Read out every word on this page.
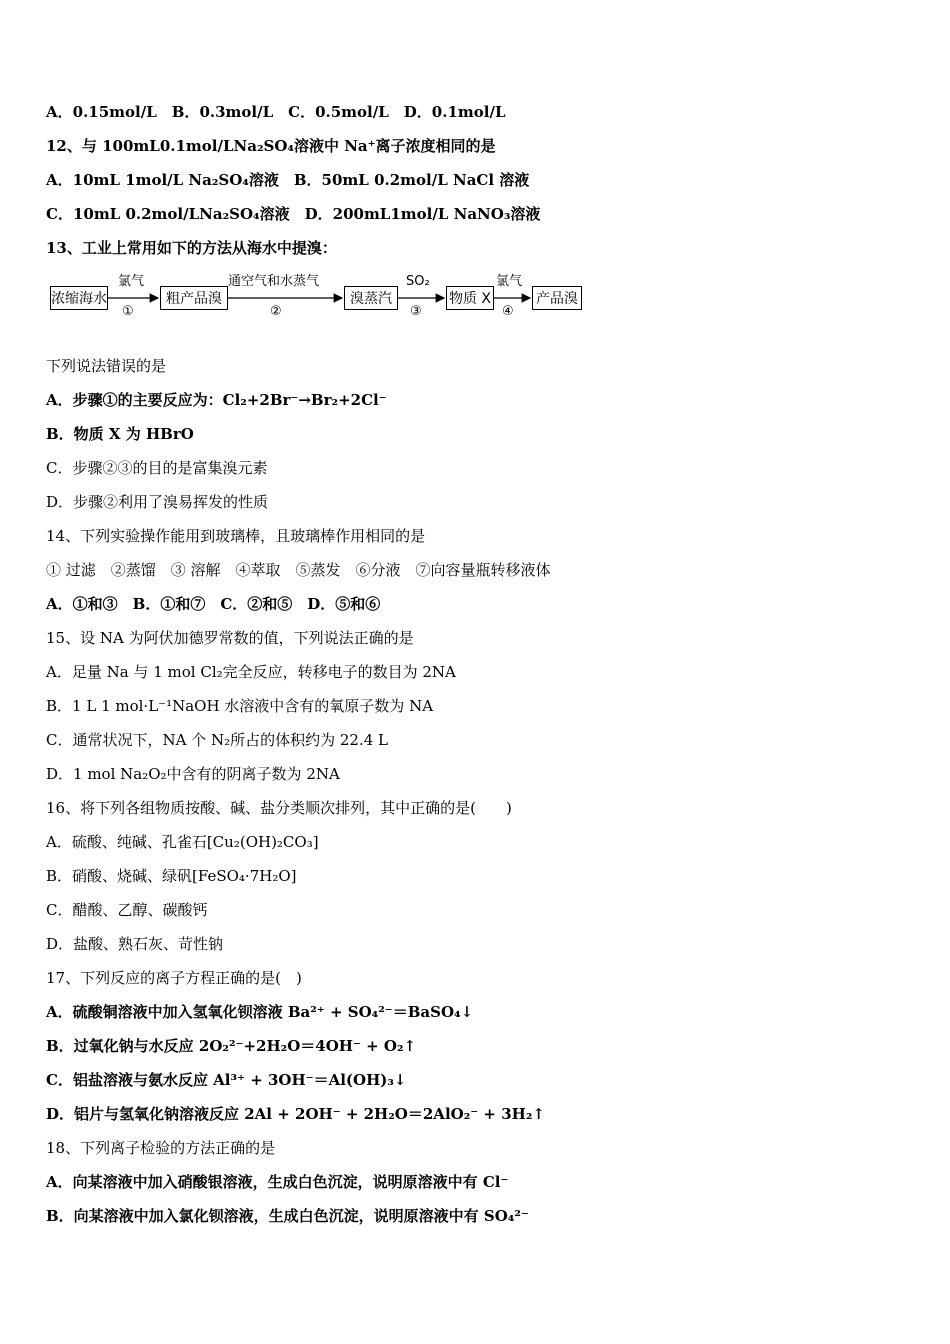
A．0.15mol/L　B．0.3mol/L　C．0.5mol/L　D．0.1mol/L
12、与 100mL0.1mol/LNa₂SO₄溶液中 Na⁺离子浓度相同的是
A．10mL 1mol/L Na₂SO₄溶液　B．50mL 0.2mol/L NaCl 溶液
C．10mL 0.2mol/LNa₂SO₄溶液　D．200mL1mol/L NaNO₃溶液
13、工业上常用如下的方法从海水中提溴：
浓缩海水	粗产品溴	溴蒸汽	物质 X	产品溴
氯气	通空气和水蒸气	SO₂	氯气
①	②	③	④
下列说法错误的是
A．步骤①的主要反应为：Cl₂+2Br⁻→Br₂+2Cl⁻
B．物质 X 为 HBrO
C．步骤②③的目的是富集溴元素
D．步骤②利用了溴易挥发的性质
14、下列实验操作能用到玻璃棒，且玻璃棒作用相同的是
① 过滤　②蒸馏　③ 溶解　④萃取　⑤蒸发　⑥分液　⑦向容量瓶转移液体
A．①和③　B．①和⑦　C．②和⑤　D．⑤和⑥
15、设 NA 为阿伏加德罗常数的值，下列说法正确的是
A．足量 Na 与 1 mol Cl₂完全反应，转移电子的数目为 2NA
B．1 L 1 mol·L⁻¹NaOH 水溶液中含有的氧原子数为 NA
C．通常状况下，NA 个 N₂所占的体积约为 22.4 L
D．1 mol Na₂O₂中含有的阴离子数为 2NA
16、将下列各组物质按酸、碱、盐分类顺次排列，其中正确的是(　　)
A．硫酸、纯碱、孔雀石[Cu₂(OH)₂CO₃]
B．硝酸、烧碱、绿矾[FeSO₄·7H₂O]
C．醋酸、乙醇、碳酸钙
D．盐酸、熟石灰、苛性钠
17、下列反应的离子方程正确的是(　)
A．硫酸铜溶液中加入氢氧化钡溶液 Ba²⁺ + SO₄²⁻＝BaSO₄↓
B．过氧化钠与水反应 2O₂²⁻+2H₂O＝4OH⁻ + O₂↑
C．铝盐溶液与氨水反应 Al³⁺ + 3OH⁻＝Al(OH)₃↓
D．铝片与氢氧化钠溶液反应 2Al + 2OH⁻ + 2H₂O＝2AlO₂⁻ + 3H₂↑
18、下列离子检验的方法正确的是
A．向某溶液中加入硝酸银溶液，生成白色沉淀，说明原溶液中有 Cl⁻
B．向某溶液中加入氯化钡溶液，生成白色沉淀，说明原溶液中有 SO₄²⁻
